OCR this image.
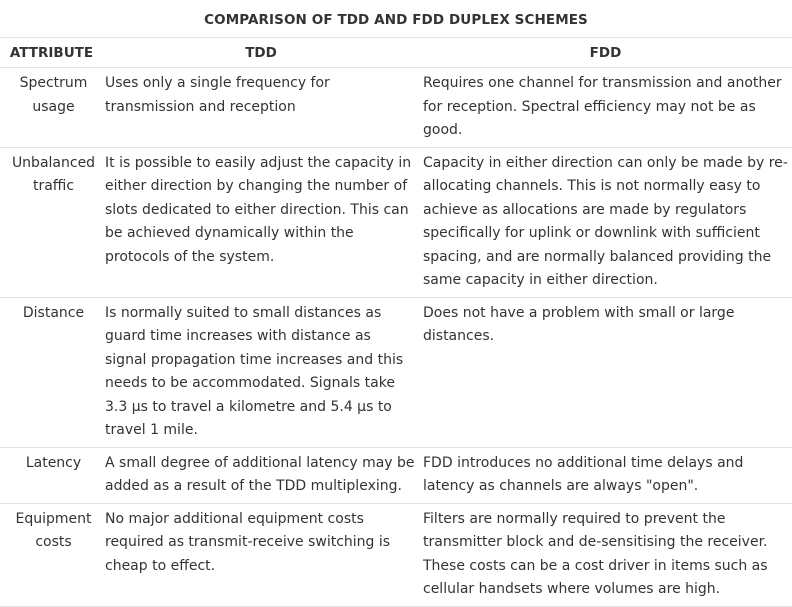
COMPARISON OF TDD AND FDD DUPLEX SCHEMES
ATTRIBUTE	TDD	FDD
Spectrum usage	Uses only a single frequency for transmission and reception	Requires one channel for transmission and another for reception. Spectral efficiency may not be as good.
Unbalanced traffic	It is possible to easily adjust the capacity in either direction by changing the number of slots dedicated to either direction. This can be achieved dynamically within the protocols of the system.	Capacity in either direction can only be made by re-allocating channels. This is not normally easy to achieve as allocations are made by regulators specifically for uplink or downlink with sufficient spacing, and are normally balanced providing the same capacity in either direction.
Distance	Is normally suited to small distances as guard time increases with distance as signal propagation time increases and this needs to be accommodated. Signals take 3.3 μs to travel a kilometre and 5.4 μs to travel 1 mile.	Does not have a problem with small or large distances.
Latency	A small degree of additional latency may be added as a result of the TDD multiplexing.	FDD introduces no additional time delays and latency as channels are always "open".
Equipment costs	No major additional equipment costs required as transmit-receive switching is cheap to effect.	Filters are normally required to prevent the transmitter block and de-sensitising the receiver. These costs can be a cost driver in items such as cellular handsets where volumes are high.
